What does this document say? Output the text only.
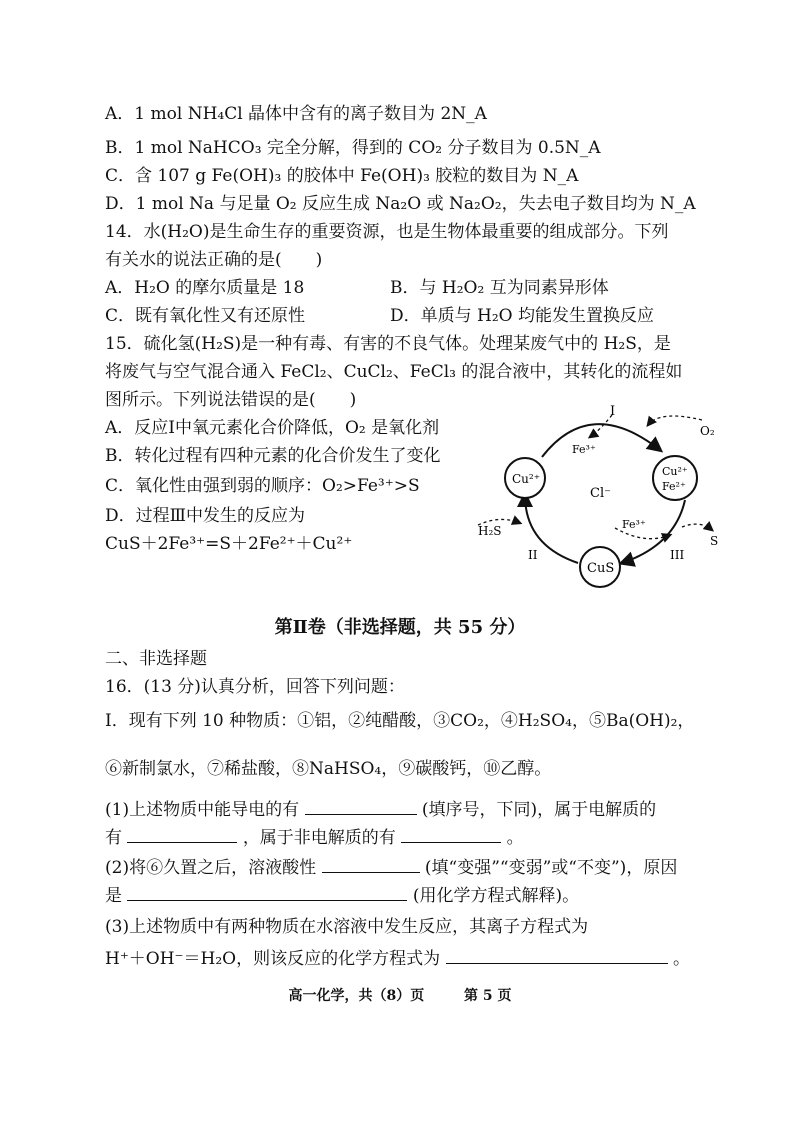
A．1 mol NH₄Cl 晶体中含有的离子数目为 2N_A
B．1 mol NaHCO₃ 完全分解，得到的 CO₂ 分子数目为 0.5N_A
C．含 107 g Fe(OH)₃ 的胶体中 Fe(OH)₃ 胶粒的数目为 N_A
D．1 mol Na 与足量 O₂ 反应生成 Na₂O 或 Na₂O₂，失去电子数目均为 N_A
14．水(H₂O)是生命生存的重要资源，也是生物体最重要的组成部分。下列
有关水的说法正确的是(　　)
A．H₂O 的摩尔质量是 18	B．与 H₂O₂ 互为同素异形体
C．既有氧化性又有还原性	D．单质与 H₂O 均能发生置换反应
15．硫化氢(H₂S)是一种有毒、有害的不良气体。处理某废气中的 H₂S，是
将废气与空气混合通入 FeCl₂、CuCl₂、FeCl₃ 的混合液中，其转化的流程如
图所示。下列说法错误的是(　　)
A．反应Ⅰ中氧元素化合价降低，O₂ 是氧化剂
B．转化过程有四种元素的化合价发生了变化
C．氧化性由强到弱的顺序：O₂>Fe³⁺>S
D．过程Ⅲ中发生的反应为
CuS＋2Fe³⁺=S＋2Fe²⁺＋Cu²⁺
I
O₂
Fe³⁺
Cl⁻
Cu²⁺
Cu²⁺
Fe²⁺
H₂S
II
Fe³⁺
III
S
CuS
第Ⅱ卷（非选择题，共 55 分）
二、非选择题
16．(13 分)认真分析，回答下列问题：
I．现有下列 10 种物质：①铝，②纯醋酸，③CO₂，④H₂SO₄，⑤Ba(OH)₂，
⑥新制氯水，⑦稀盐酸，⑧NaHSO₄，⑨碳酸钙，⑩乙醇。
(1)上述物质中能导电的有	(填序号，下同)，属于电解质的
有	，属于非电解质的有	。
(2)将⑥久置之后，溶液酸性	(填“变强”“变弱”或“不变”)，原因
是	(用化学方程式解释)。
(3)上述物质中有两种物质在水溶液中发生反应，其离子方程式为
H⁺＋OH⁻＝H₂O，则该反应的化学方程式为	。
高一化学，共（8）页	第 5 页
